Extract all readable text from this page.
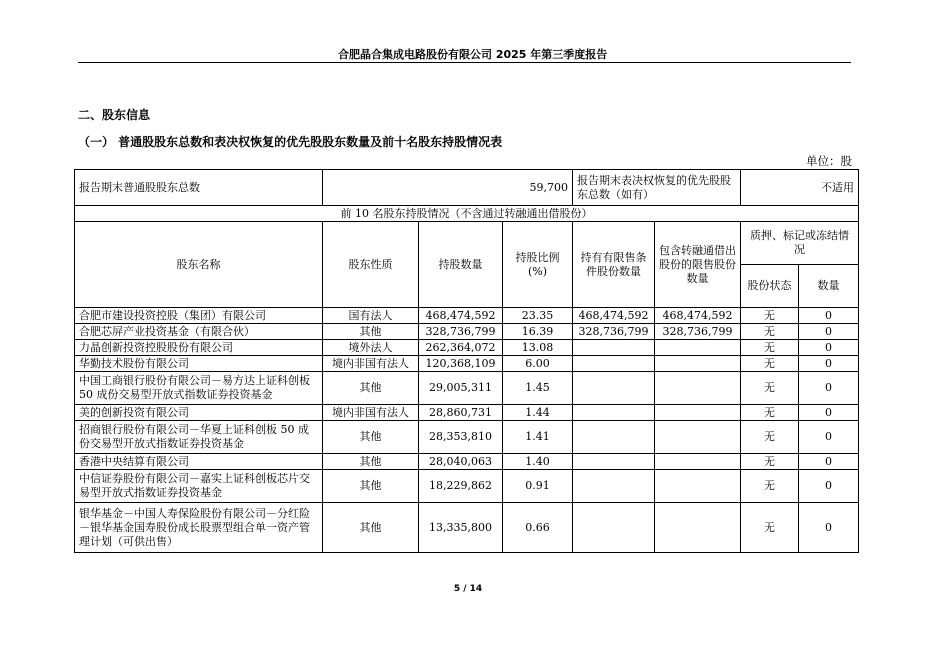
合肥晶合集成电路股份有限公司 2025 年第三季度报告
二、股东信息
（一） 普通股股东总数和表决权恢复的优先股股东数量及前十名股东持股情况表
单位：股
报告期末普通股股东总数	59,700			报告期末表决权恢复的优先股股东总数（如有）		不适用	
前 10 名股东持股情况（不含通过转融通出借股份）							
股东名称	股东性质	持股数量	持股比例(%)	持有有限售条件股份数量	包含转融通借出股份的限售股份数量	质押、标记或冻结情况	
						股份状态	数量
合肥市建设投资控股（集团）有限公司	国有法人	468,474,592	23.35	468,474,592	468,474,592	无	0
合肥芯屏产业投资基金（有限合伙）	其他	328,736,799	16.39	328,736,799	328,736,799	无	0
力晶创新投资控股股份有限公司	境外法人	262,364,072	13.08			无	0
华勤技术股份有限公司	境内非国有法人	120,368,109	6.00			无	0
中国工商银行股份有限公司－易方达上证科创板 50 成份交易型开放式指数证券投资基金	其他	29,005,311	1.45			无	0
美的创新投资有限公司	境内非国有法人	28,860,731	1.44			无	0
招商银行股份有限公司－华夏上证科创板 50 成份交易型开放式指数证券投资基金	其他	28,353,810	1.41			无	0
香港中央结算有限公司	其他	28,040,063	1.40			无	0
中信证券股份有限公司－嘉实上证科创板芯片交易型开放式指数证券投资基金	其他	18,229,862	0.91			无	0
银华基金－中国人寿保险股份有限公司－分红险－银华基金国寿股份成长股票型组合单一资产管理计划（可供出售）	其他	13,335,800	0.66			无	0
5 / 14
